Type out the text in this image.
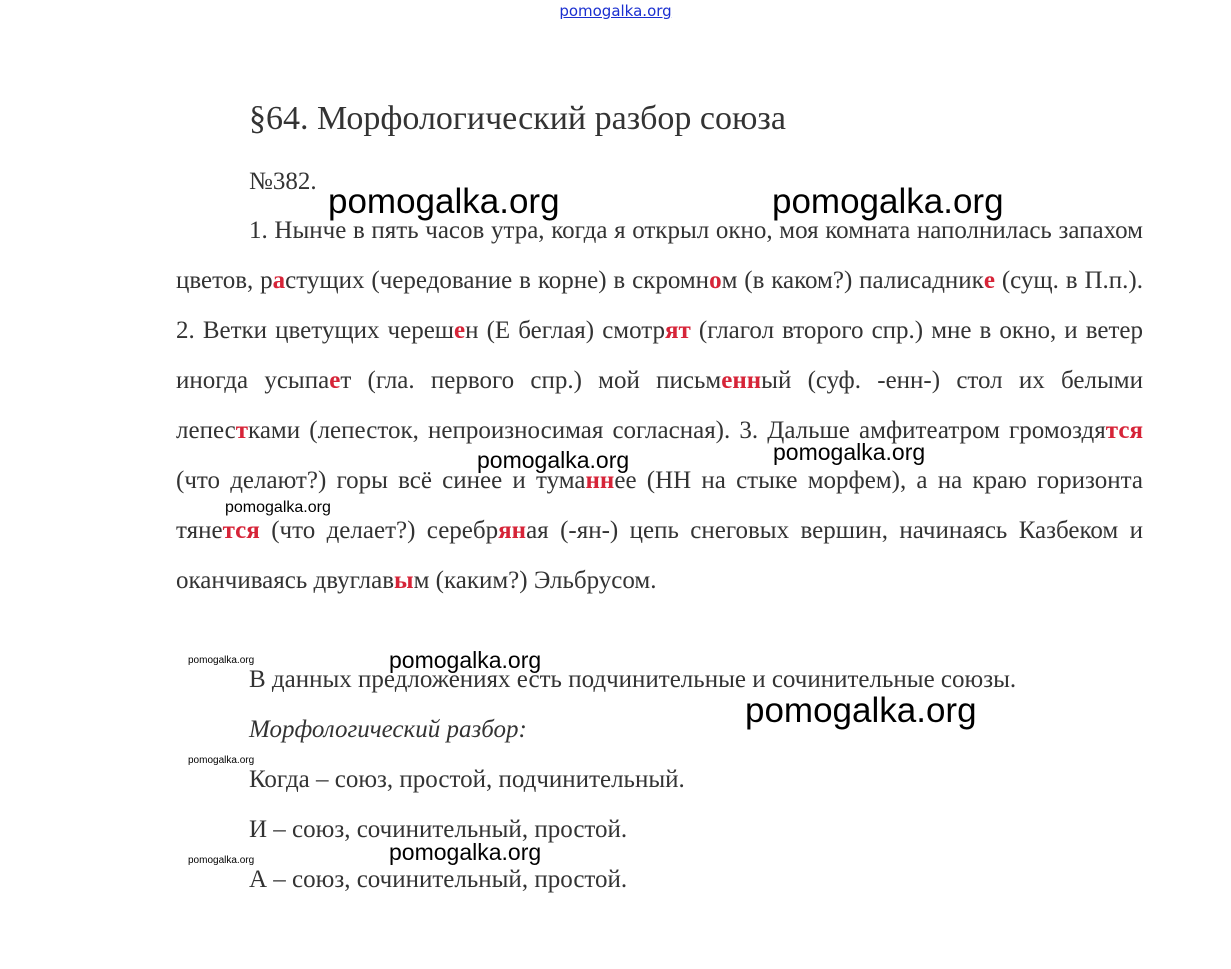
pomogalka.org
§64. Морфологический разбор союза
№382.

1. Нынче в пять часов утра, когда я открыл окно, моя комната наполнилась запахом цветов, растущих (чередование в корне) в скромном (в каком?) палисаднике (сущ. в П.п.). 2. Ветки цветущих черешен (Е беглая) смотрят (глагол второго спр.) мне в окно, и ветер иногда усыпает (гла. первого спр.) мой письменный (суф. -енн-) стол их белыми лепестками (лепесток, непроизносимая согласная). 3. Дальше амфитеатром громоздятся (что делают?) горы всё синее и туманнее (НН на стыке морфем), а на краю горизонта тянется (что делает?) серебряная (-ян-) цепь снеговых вершин, начинаясь Казбеком и оканчиваясь двуглавым (каким?) Эльбрусом.

В данных предложениях есть подчинительные и сочинительные союзы.
Морфологический разбор:
Когда – союз, простой, подчинительный.
И – союз, сочинительный, простой.
А – союз, сочинительный, простой.
pomogalka.org	pomogalka.org
pomogalka.org	pomogalka.org
pomogalka.org
pomogalka.org	pomogalka.org
pomogalka.org
pomogalka.org
pomogalka.org	pomogalka.org
